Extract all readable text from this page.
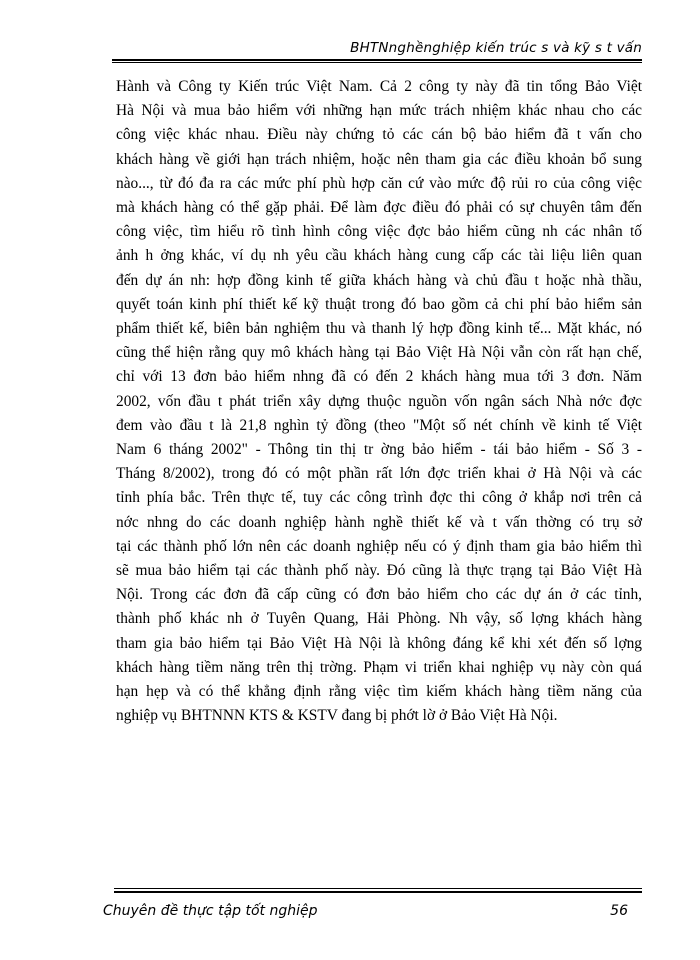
BHTNnghềnghiệp kiến trúc s và kỹ s t vấn
Hành và Công ty Kiến trúc Việt Nam. Cả 2 công ty này đã tin tổng Bảo Việt
Hà Nội và mua bảo hiểm với những hạn mức trách nhiệm khác nhau cho các
công việc khác nhau. Điều này chứng tỏ các cán bộ bảo hiểm đã t vấn cho
khách hàng về giới hạn trách nhiệm, hoặc nên tham gia các điều khoản bổ sung
nào..., từ đó đa ra các mức phí phù hợp căn cứ vào mức độ rủi ro của công việc
mà khách hàng có thể gặp phải. Để làm đợc điều đó phải có sự chuyên tâm đến
công việc, tìm hiểu rõ tình hình công việc đợc bảo hiểm cũng nh các nhân tố
ảnh h ởng khác, ví dụ nh yêu cầu khách hàng cung cấp các tài liệu liên quan
đến dự án nh: hợp đồng kinh tế giữa khách hàng và chủ đầu t hoặc nhà thầu,
quyết toán kinh phí thiết kế kỹ thuật trong đó bao gồm cả chi phí bảo hiểm sản
phẩm thiết kế, biên bản nghiệm thu và thanh lý hợp đồng kinh tế... Mặt khác, nó
cũng thể hiện rằng quy mô khách hàng tại Bảo Việt Hà Nội vẫn còn rất hạn chế,
chỉ với 13 đơn bảo hiểm nhng đã có đến 2 khách hàng mua tới 3 đơn. Năm
2002, vốn đầu t phát triển xây dựng thuộc nguồn vốn ngân sách Nhà nớc đợc
đem vào đầu t là 21,8 nghìn tỷ đồng (theo "Một số nét chính về kinh tế Việt
Nam 6 tháng 2002" - Thông tin thị tr ờng bảo hiểm - tái bảo hiểm - Số 3 -
Tháng 8/2002), trong đó có một phần rất lớn đợc triển khai ở Hà Nội và các
tỉnh phía bắc. Trên thực tế, tuy các công trình đợc thi công ở khắp nơi trên cả
nớc nhng do các doanh nghiệp hành nghề thiết kế và t vấn thờng có trụ sở
tại các thành phố lớn nên các doanh nghiệp nếu có ý định tham gia bảo hiểm thì
sẽ mua bảo hiểm tại các thành phố này. Đó cũng là thực trạng tại Bảo Việt Hà
Nội. Trong các đơn đã cấp cũng có đơn bảo hiểm cho các dự án ở các tỉnh,
thành phố khác nh ở Tuyên Quang, Hải Phòng. Nh vậy, số lợng khách hàng
tham gia bảo hiểm tại Bảo Việt Hà Nội là không đáng kể khi xét đến số lợng
khách hàng tiềm năng trên thị trờng. Phạm vi triển khai nghiệp vụ này còn quá
hạn hẹp và có thể khẳng định rằng việc tìm kiếm khách hàng tiềm năng của
nghiệp vụ BHTNNN KTS & KSTV đang bị phớt lờ ở Bảo Việt Hà Nội.
Chuyên đề thực tập tốt nghiệp	56
